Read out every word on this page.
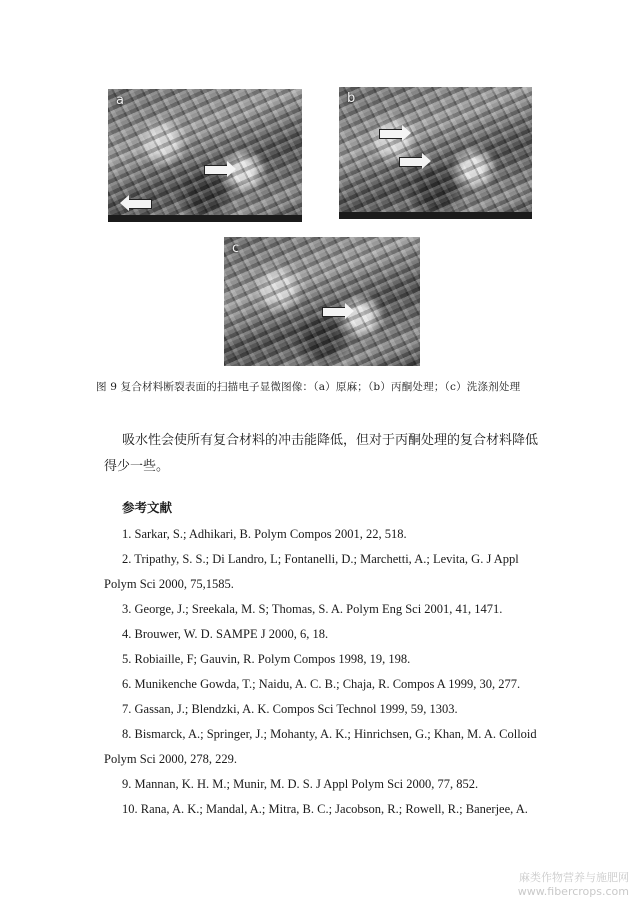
a	b
c
图 9 复合材料断裂表面的扫描电子显微图像：（a）原麻；（b）丙酮处理；（c）洗涤剂处理

吸水性会使所有复合材料的冲击能降低，但对于丙酮处理的复合材料降低得少一些。

参考文献

1. Sarkar, S.; Adhikari, B. Polym Compos 2001, 22, 518.

2. Tripathy, S. S.; Di Landro, L; Fontanelli, D.; Marchetti, A.; Levita, G. J Appl Polym Sci 2000, 75,1585.

3. George, J.; Sreekala, M. S; Thomas, S. A. Polym Eng Sci 2001, 41, 1471.

4. Brouwer, W. D. SAMPE J 2000, 6, 18.

5. Robiaille, F; Gauvin, R. Polym Compos 1998, 19, 198.

6. Munikenche Gowda, T.; Naidu, A. C. B.; Chaja, R. Compos A 1999, 30, 277.

7. Gassan, J.; Blendzki, A. K. Compos Sci Technol 1999, 59, 1303.

8. Bismarck, A.; Springer, J.; Mohanty, A. K.; Hinrichsen, G.; Khan, M. A. Colloid Polym Sci 2000, 278, 229.

9. Mannan, K. H. M.; Munir, M. D. S. J Appl Polym Sci 2000, 77, 852.

10. Rana, A. K.; Mandal, A.; Mitra, B. C.; Jacobson, R.; Rowell, R.; Banerjee, A.

麻类作物营养与施肥网
www.fibercrops.com
